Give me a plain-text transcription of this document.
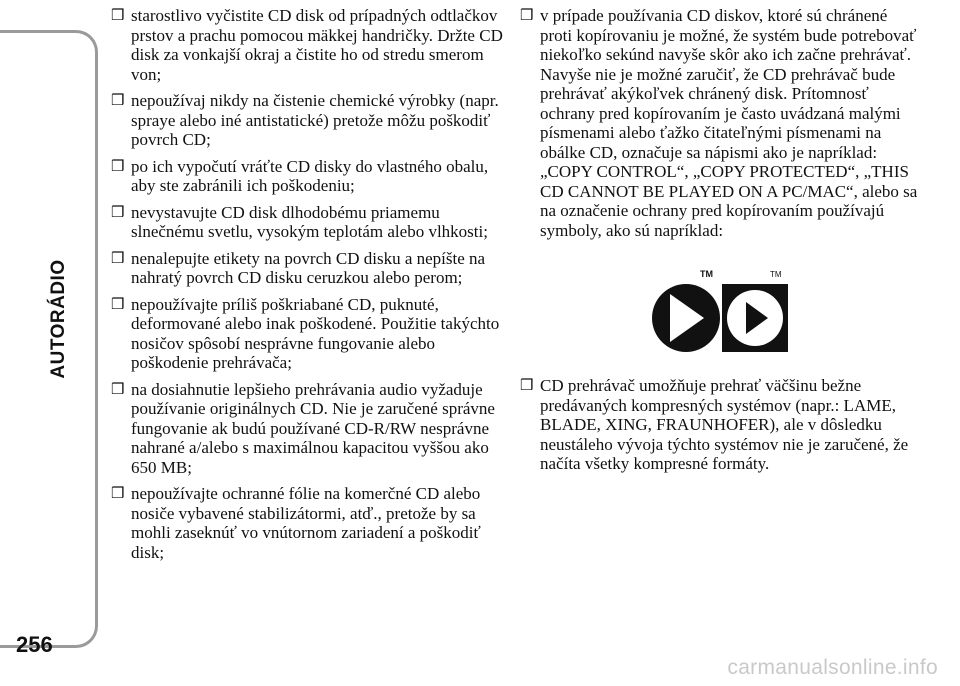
AUTORÁDIO
256

❒ starostlivo vyčistite CD disk od prípadných odtlačkov prstov a prachu pomocou mäkkej handričky. Držte CD disk za vonkajší okraj a čistite ho od stredu smerom von;

❒ nepoužívaj nikdy na čistenie chemické výrobky (napr. spraye alebo iné antistatické) pretože môžu poškodiť povrch CD;

❒ po ich vypočutí vráťte CD disky do vlastného obalu, aby ste zabránili ich poškodeniu;

❒ nevystavujte CD disk dlhodobému priamemu slnečnému svetlu, vysokým teplotám alebo vlhkosti;

❒ nenalepujte etikety na povrch CD disku a nepíšte na nahratý povrch CD disku ceruzkou alebo perom;

❒ nepoužívajte príliš poškriabané CD, puknuté, deformované alebo inak poškodené. Použitie takýchto nosičov spôsobí nesprávne fungovanie alebo poškodenie prehrávača;

❒ na dosiahnutie lepšieho prehrávania audio vyžaduje používanie originálnych CD. Nie je zaručené správne fungovanie ak budú používané CD-R/RW nesprávne nahrané a/alebo s maximálnou kapacitou vyššou ako 650 MB;

❒ nepoužívajte ochranné fólie na komerčné CD alebo nosiče vybavené stabilizátormi, atď., pretože by sa mohli zaseknúť vo vnútornom zariadení a poškodiť disk;

❒ v prípade používania CD diskov, ktoré sú chránené proti kopírovaniu je možné, že systém bude potrebovať niekoľko sekúnd navyše skôr ako ich začne prehrávať. Navyše nie je možné zaručiť, že CD prehrávač bude prehrávať akýkoľvek chránený disk. Prítomnosť ochrany pred kopírovaním je často uvádzaná malými písmenami alebo ťažko čitateľnými písmenami na obálke CD, označuje sa nápismi ako je napríklad: „COPY CONTROL“, „COPY PROTECTED“, „THIS CD CANNOT BE PLAYED ON A PC/MAC“, alebo sa na označenie ochrany pred kopírovaním používajú symboly, ako sú napríklad:

TM	TM

❒ CD prehrávač umožňuje prehrať väčšinu bežne predávaných kompresných systémov (napr.: LAME, BLADE, XING, FRAUNHOFER), ale v dôsledku neustáleho vývoja týchto systémov nie je zaručené, že načíta všetky kompresné formáty.

carmanualsonline.info
